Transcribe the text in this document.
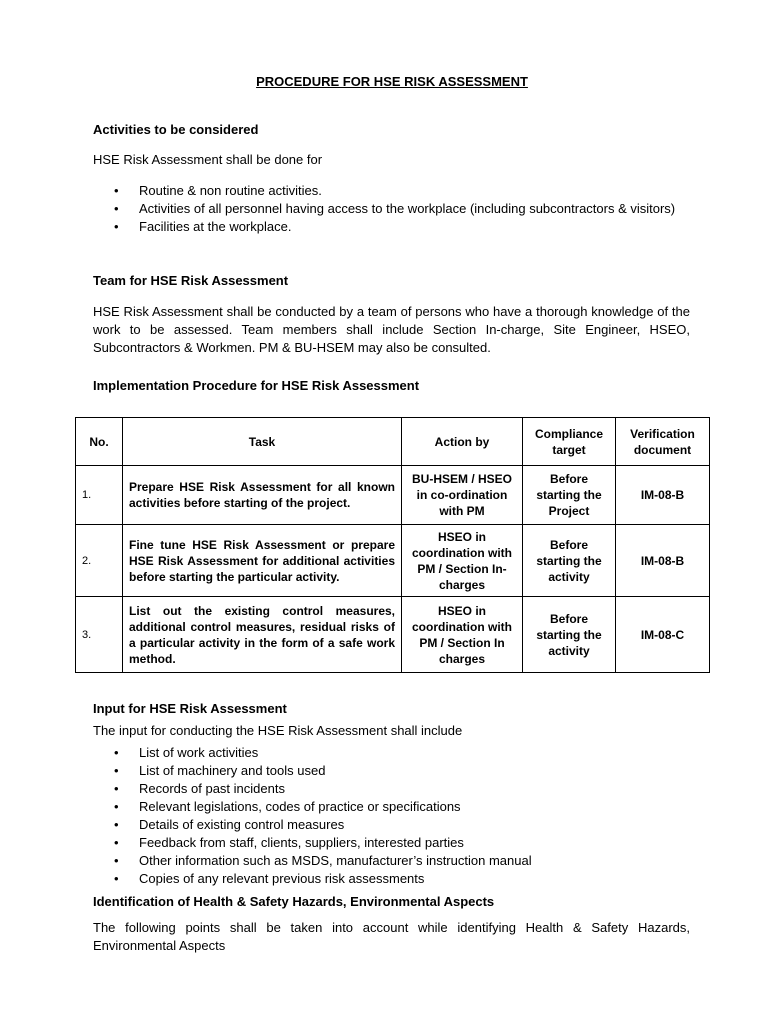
PROCEDURE FOR HSE RISK ASSESSMENT
Activities to be considered
HSE Risk Assessment shall be done for
•	Routine & non routine activities.
•	Activities of all personnel having access to the workplace (including subcontractors & visitors)
•	Facilities at the workplace.
Team for HSE Risk Assessment
HSE Risk Assessment shall be conducted by a team of persons who have a thorough knowledge of the work to be assessed. Team members shall include Section In-charge, Site Engineer, HSEO, Subcontractors & Workmen. PM & BU-HSEM may also be consulted.
Implementation Procedure for HSE Risk Assessment
No.	Task	Action by	Compliance target	Verification document
1.	Prepare HSE Risk Assessment for all known activities before starting of the project.	BU-HSEM / HSEO in co-ordination with PM	Before starting the Project	IM-08-B
2.	Fine tune HSE Risk Assessment or prepare HSE Risk Assessment for additional activities before starting the particular activity.	HSEO in coordination with PM / Section In-charges	Before starting the activity	IM-08-B
3.	List out the existing control measures, additional control measures, residual risks of a particular activity in the form of a safe work method.	HSEO in coordination with PM / Section In charges	Before starting the activity	IM-08-C
Input for HSE Risk Assessment
The input for conducting the HSE Risk Assessment shall include
•	List of work activities
•	List of machinery and tools used
•	Records of past incidents
•	Relevant legislations, codes of practice or specifications
•	Details of existing control measures
•	Feedback from staff, clients, suppliers, interested parties
•	Other information such as MSDS, manufacturer’s instruction manual
•	Copies of any relevant previous risk assessments
Identification of Health & Safety Hazards, Environmental Aspects
The following points shall be taken into account while identifying Health & Safety Hazards, Environmental Aspects
